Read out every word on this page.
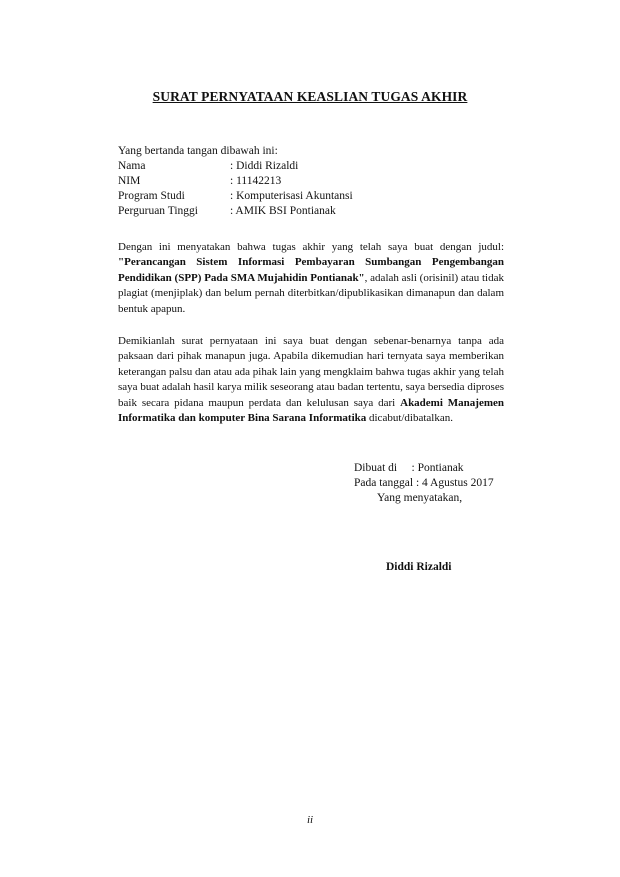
SURAT PERNYATAAN KEASLIAN TUGAS AKHIR
Yang bertanda tangan dibawah ini:
Nama	: Diddi Rizaldi
NIM	: 11142213
Program Studi	: Komputerisasi Akuntansi
Perguruan Tinggi	: AMIK BSI Pontianak
Dengan ini menyatakan bahwa tugas akhir yang telah saya buat dengan judul: "Perancangan Sistem Informasi Pembayaran Sumbangan Pengembangan Pendidikan (SPP) Pada SMA Mujahidin Pontianak", adalah asli (orisinil) atau tidak plagiat (menjiplak) dan belum pernah diterbitkan/dipublikasikan dimanapun dan dalam bentuk apapun.
Demikianlah surat pernyataan ini saya buat dengan sebenar-benarnya tanpa ada paksaan dari pihak manapun juga. Apabila dikemudian hari ternyata saya memberikan keterangan palsu dan atau ada pihak lain yang mengklaim bahwa tugas akhir yang telah saya buat adalah hasil karya milik seseorang atau badan tertentu, saya bersedia diproses baik secara pidana maupun perdata dan kelulusan saya dari Akademi Manajemen Informatika dan komputer Bina Sarana Informatika dicabut/dibatalkan.
Dibuat di     : Pontianak
Pada tanggal : 4 Agustus 2017
Yang menyatakan,
Diddi Rizaldi
ii
